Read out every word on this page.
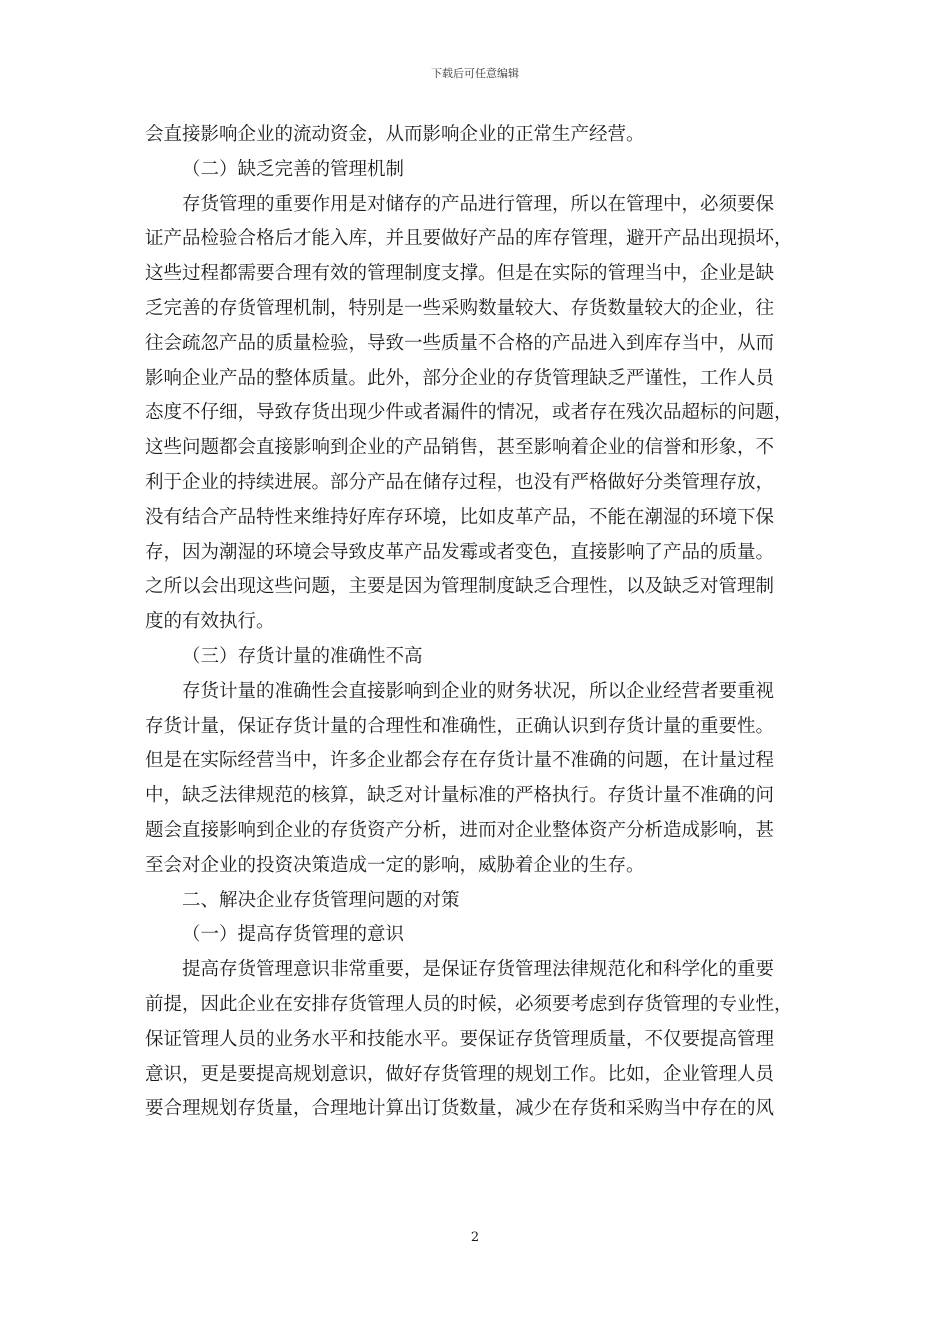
下载后可任意编辑
会直接影响企业的流动资金，从而影响企业的正常生产经营。
（二）缺乏完善的管理机制
存货管理的重要作用是对储存的产品进行管理，所以在管理中，必须要保
证产品检验合格后才能入库，并且要做好产品的库存管理，避开产品出现损坏，
这些过程都需要合理有效的管理制度支撑。但是在实际的管理当中，企业是缺
乏完善的存货管理机制，特别是一些采购数量较大、存货数量较大的企业，往
往会疏忽产品的质量检验，导致一些质量不合格的产品进入到库存当中，从而
影响企业产品的整体质量。此外，部分企业的存货管理缺乏严谨性，工作人员
态度不仔细，导致存货出现少件或者漏件的情况，或者存在残次品超标的问题，
这些问题都会直接影响到企业的产品销售，甚至影响着企业的信誉和形象，不
利于企业的持续进展。部分产品在储存过程，也没有严格做好分类管理存放，
没有结合产品特性来维持好库存环境，比如皮革产品，不能在潮湿的环境下保
存，因为潮湿的环境会导致皮革产品发霉或者变色，直接影响了产品的质量。
之所以会出现这些问题，主要是因为管理制度缺乏合理性，以及缺乏对管理制
度的有效执行。
（三）存货计量的准确性不高
存货计量的准确性会直接影响到企业的财务状况，所以企业经营者要重视
存货计量，保证存货计量的合理性和准确性，正确认识到存货计量的重要性。
但是在实际经营当中，许多企业都会存在存货计量不准确的问题，在计量过程
中，缺乏法律规范的核算，缺乏对计量标准的严格执行。存货计量不准确的问
题会直接影响到企业的存货资产分析，进而对企业整体资产分析造成影响，甚
至会对企业的投资决策造成一定的影响，威胁着企业的生存。
二、解决企业存货管理问题的对策
（一）提高存货管理的意识
提高存货管理意识非常重要，是保证存货管理法律规范化和科学化的重要
前提，因此企业在安排存货管理人员的时候，必须要考虑到存货管理的专业性，
保证管理人员的业务水平和技能水平。要保证存货管理质量，不仅要提高管理
意识，更是要提高规划意识，做好存货管理的规划工作。比如，企业管理人员
要合理规划存货量，合理地计算出订货数量，减少在存货和采购当中存在的风
2
